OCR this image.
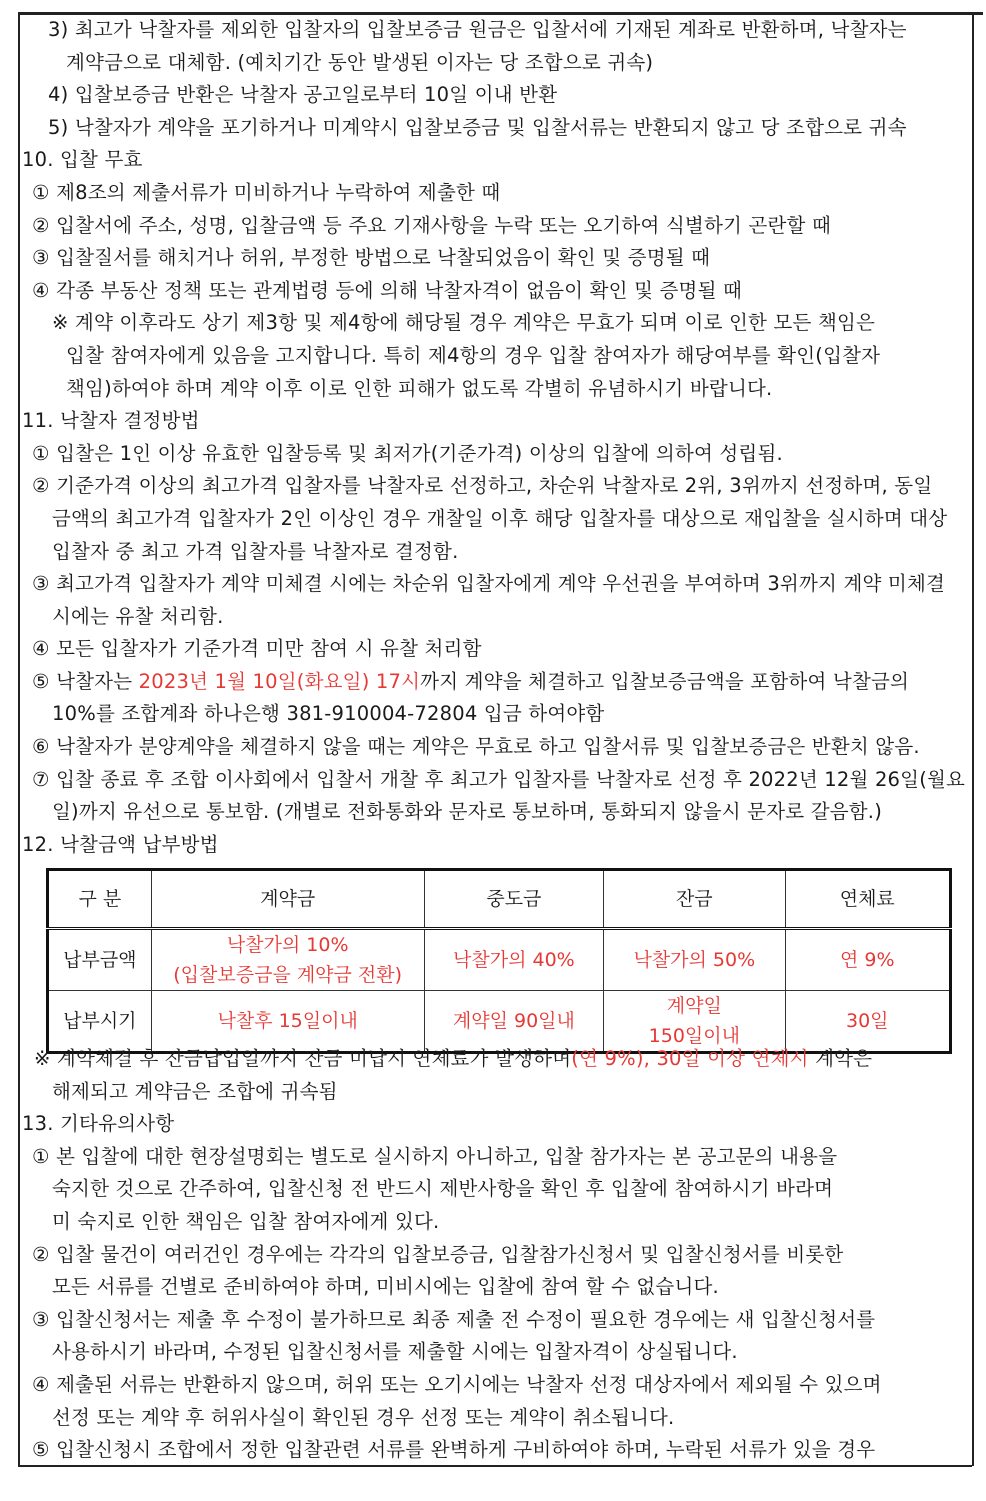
3) 최고가 낙찰자를 제외한 입찰자의 입찰보증금 원금은 입찰서에 기재된 계좌로 반환하며, 낙찰자는
계약금으로 대체함. (예치기간 동안 발생된 이자는 당 조합으로 귀속)
4) 입찰보증금 반환은 낙찰자 공고일로부터 10일 이내 반환
5) 낙찰자가 계약을 포기하거나 미계약시 입찰보증금 및 입찰서류는 반환되지 않고 당 조합으로 귀속
10. 입찰 무효
① 제8조의 제출서류가 미비하거나 누락하여 제출한 때
② 입찰서에 주소, 성명, 입찰금액 등 주요 기재사항을 누락 또는 오기하여 식별하기 곤란할 때
③ 입찰질서를 해치거나 허위, 부정한 방법으로 낙찰되었음이 확인 및 증명될 때
④ 각종 부동산 정책 또는 관계법령 등에 의해 낙찰자격이 없음이 확인 및 증명될 때
※ 계약 이후라도 상기 제3항 및 제4항에 해당될 경우 계약은 무효가 되며 이로 인한 모든 책임은
입찰 참여자에게 있음을 고지합니다. 특히 제4항의 경우 입찰 참여자가 해당여부를 확인(입찰자
책임)하여야 하며 계약 이후 이로 인한 피해가 없도록 각별히 유념하시기 바랍니다.
11. 낙찰자 결정방법
① 입찰은 1인 이상 유효한 입찰등록 및 최저가(기준가격) 이상의 입찰에 의하여 성립됨.
② 기준가격 이상의 최고가격 입찰자를 낙찰자로 선정하고, 차순위 낙찰자로 2위, 3위까지 선정하며, 동일
금액의 최고가격 입찰자가 2인 이상인 경우 개찰일 이후 해당 입찰자를 대상으로 재입찰을 실시하며 대상
입찰자 중 최고 가격 입찰자를 낙찰자로 결정함.
③ 최고가격 입찰자가 계약 미체결 시에는 차순위 입찰자에게 계약 우선권을 부여하며 3위까지 계약 미체결
시에는 유찰 처리함.
④ 모든 입찰자가 기준가격 미만 참여 시 유찰 처리함
⑤ 낙찰자는 2023년 1월 10일(화요일) 17시까지 계약을 체결하고 입찰보증금액을 포함하여 낙찰금의
10%를 조합계좌 하나은행 381-910004-72804 입금 하여야함
⑥ 낙찰자가 분양계약을 체결하지 않을 때는 계약은 무효로 하고 입찰서류 및 입찰보증금은 반환치 않음.
⑦ 입찰 종료 후 조합 이사회에서 입찰서 개찰 후 최고가 입찰자를 낙찰자로 선정 후 2022년 12월 26일(월요
일)까지 유선으로 통보함. (개별로 전화통화와 문자로 통보하며, 통화되지 않을시 문자로 갈음함.)
12. 낙찰금액 납부방법
구 분	계약금	중도금	잔금	연체료
납부금액	낙찰가의 10%
(입찰보증금을 계약금 전환)	낙찰가의 40%	낙찰가의 50%	연 9%
납부시기	낙찰후 15일이내	계약일 90일내	계약일
150일이내	30일
※ 계약체결 후 잔금납입일까지 잔금 미납시 연체료가 발생하며(연 9%), 30일 이상 연체시 계약은
해제되고 계약금은 조합에 귀속됨
13. 기타유의사항
① 본 입찰에 대한 현장설명회는 별도로 실시하지 아니하고, 입찰 참가자는 본 공고문의 내용을
숙지한 것으로 간주하여, 입찰신청 전 반드시 제반사항을 확인 후 입찰에 참여하시기 바라며
미 숙지로 인한 책임은 입찰 참여자에게 있다.
② 입찰 물건이 여러건인 경우에는 각각의 입찰보증금, 입찰참가신청서 및 입찰신청서를 비롯한
모든 서류를 건별로 준비하여야 하며, 미비시에는 입찰에 참여 할 수 없습니다.
③ 입찰신청서는 제출 후 수정이 불가하므로 최종 제출 전 수정이 필요한 경우에는 새 입찰신청서를
사용하시기 바라며, 수정된 입찰신청서를 제출할 시에는 입찰자격이 상실됩니다.
④ 제출된 서류는 반환하지 않으며, 허위 또는 오기시에는 낙찰자 선정 대상자에서 제외될 수 있으며
선정 또는 계약 후 허위사실이 확인된 경우 선정 또는 계약이 취소됩니다.
⑤ 입찰신청시 조합에서 정한 입찰관련 서류를 완벽하게 구비하여야 하며, 누락된 서류가 있을 경우
